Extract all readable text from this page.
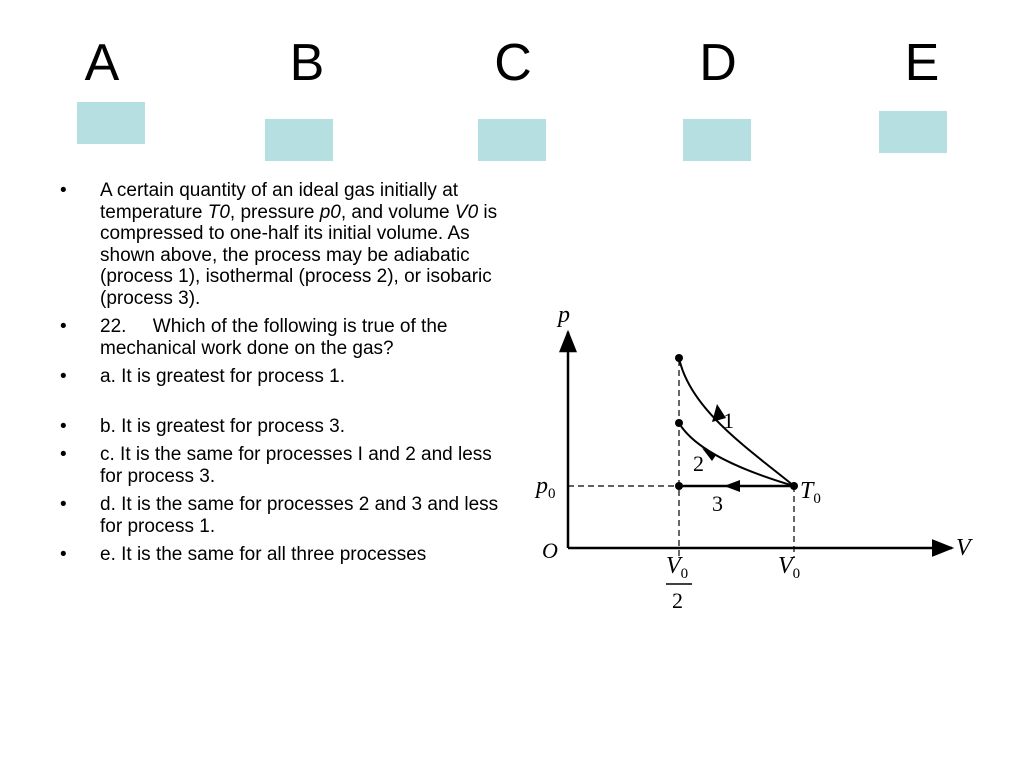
A	B	C	D	E
• A certain quantity of an ideal gas initially at temperature T0, pressure p0, and volume V0 is compressed to one-half its initial volume. As shown above, the process may be adiabatic (process 1), isothermal (process 2), or isobaric (process 3).
• 22.     Which of the following is true of the mechanical work done on the gas?
• a. It is greatest for process 1.
• b. It is greatest for process 3.
• c. It is the same for processes I and 2 and less for process 3.
• d. It is the same for processes 2 and 3 and less for process 1.
• e. It is the same for all three processes
p
V
O
$p_0$	$T_0$
$V_0$
2
$V_0$
1
2
3
